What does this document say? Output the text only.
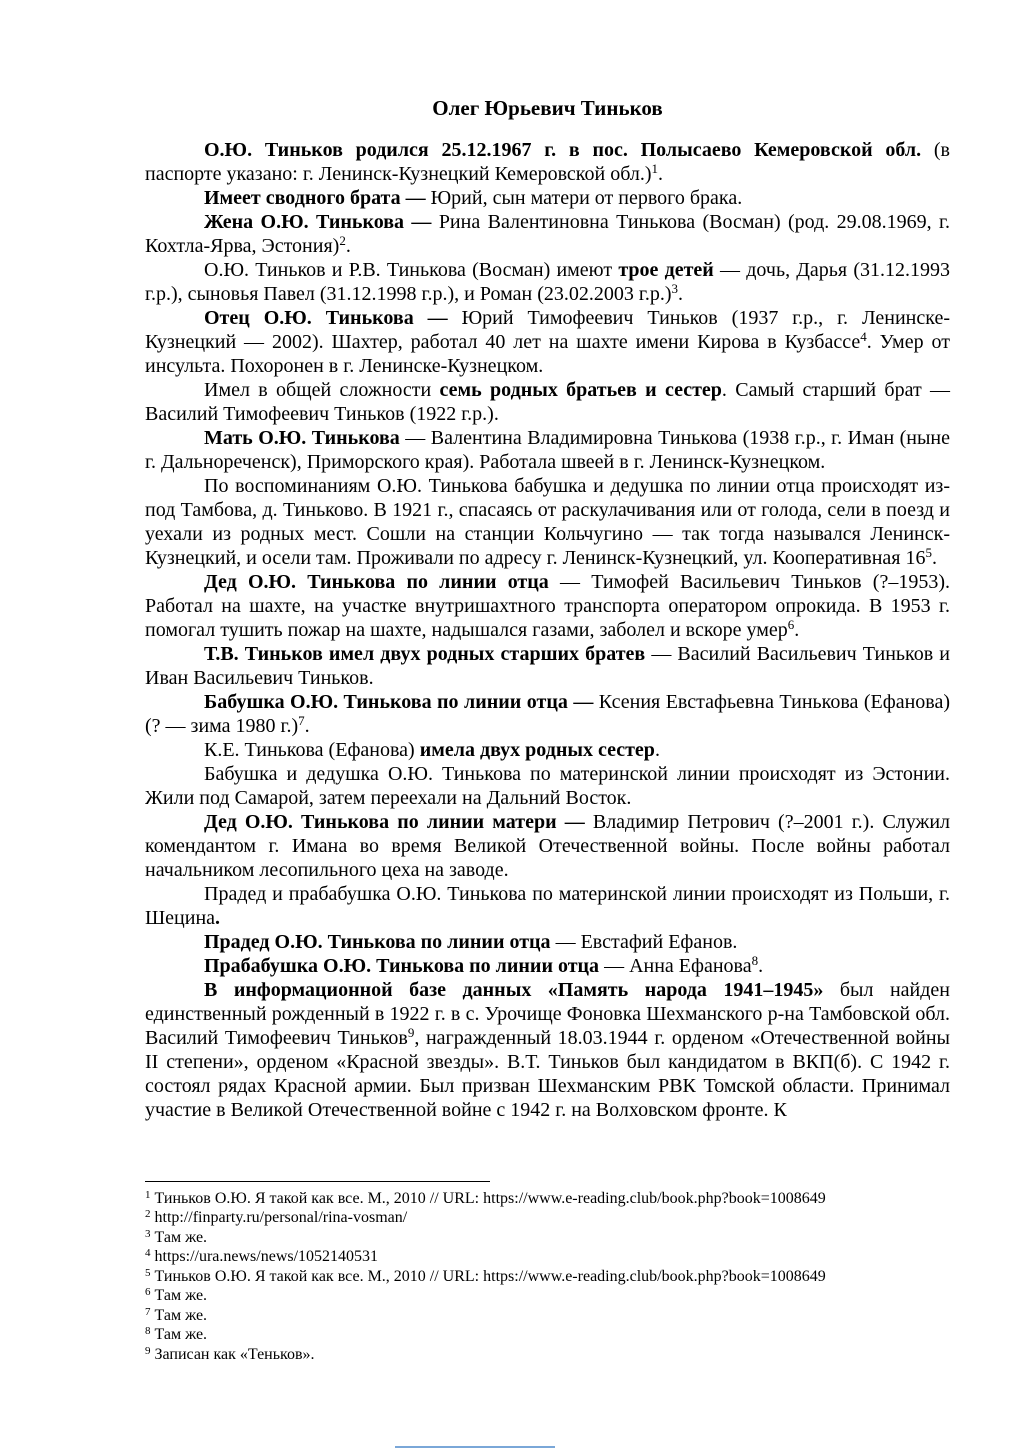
Олег Юрьевич Тиньков

О.Ю. Тиньков родился 25.12.1967 г. в пос. Полысаево Кемеровской обл. (в паспорте указано: г. Ленинск-Кузнецкий Кемеровской обл.)$^1$.

Имеет сводного брата — Юрий, сын матери от первого брака.

Жена О.Ю. Тинькова — Рина Валентиновна Тинькова (Восман) (род. 29.08.1969, г. Кохтла-Ярва, Эстония)$^2$.

О.Ю. Тиньков и Р.В. Тинькова (Восман) имеют трое детей — дочь, Дарья (31.12.1993 г.р.), сыновья Павел (31.12.1998 г.р.), и Роман (23.02.2003 г.р.)$^3$.

Отец О.Ю. Тинькова — Юрий Тимофеевич Тиньков (1937 г.р., г. Ленинске-Кузнецкий — 2002). Шахтер, работал 40 лет на шахте имени Кирова в Кузбассе$^4$. Умер от инсульта. Похоронен в г. Ленинске-Кузнецком.

Имел в общей сложности семь родных братьев и сестер. Самый старший брат — Василий Тимофеевич Тиньков (1922 г.р.).

Мать О.Ю. Тинькова — Валентина Владимировна Тинькова (1938 г.р., г. Иман (ныне г. Дальнореченск), Приморского края). Работала швеей в г. Ленинск-Кузнецком.

По воспоминаниям О.Ю. Тинькова бабушка и дедушка по линии отца происходят из-под Тамбова, д. Тиньково. В 1921 г., спасаясь от раскулачивания или от голода, сели в поезд и уехали из родных мест. Сошли на станции Кольчугино — так тогда назывался Ленинск-Кузнецкий, и осели там. Проживали по адресу г. Ленинск-Кузнецкий, ул. Кооперативная $16^5$.

Дед О.Ю. Тинькова по линии отца — Тимофей Васильевич Тиньков (?–1953). Работал на шахте, на участке внутришахтного транспорта оператором опрокида. В 1953 г. помогал тушить пожар на шахте, надышался газами, заболел и вскоре умер$^6$.

Т.В. Тиньков имел двух родных старших братев — Василий Васильевич Тиньков и Иван Васильевич Тиньков.

Бабушка О.Ю. Тинькова по линии отца — Ксения Евстафьевна Тинькова (Ефанова) (? — зима 1980 г.)$^7$.

К.Е. Тинькова (Ефанова) имела двух родных сестер.

Бабушка и дедушка О.Ю. Тинькова по материнской линии происходят из Эстонии. Жили под Самарой, затем переехали на Дальний Восток.

Дед О.Ю. Тинькова по линии матери — Владимир Петрович (?–2001 г.). Служил комендантом г. Имана во время Великой Отечественной войны. После войны работал начальником лесопильного цеха на заводе.

Прадед и прабабушка О.Ю. Тинькова по материнской линии происходят из Польши, г. Шецина.

Прадед О.Ю. Тинькова по линии отца — Евстафий Ефанов.

Прабабушка О.Ю. Тинькова по линии отца — Анна Ефанова$^8$.

В информационной базе данных «Память народа 1941–1945» был найден единственный рожденный в 1922 г. в с. Урочище Фоновка Шехманского р-на Тамбовской обл. Василий Тимофеевич Тиньков$^9$, награжденный 18.03.1944 г. орденом «Отечественной войны II степени», орденом «Красной звезды». В.Т. Тиньков был кандидатом в ВКП(б). С 1942 г. состоял рядах Красной армии. Был призван Шехманским РВК Томской области. Принимал участие в Великой Отечественной войне с 1942 г. на Волховском фронте. К

$^1$ Тиньков О.Ю. Я такой как все. М., 2010 // URL: https://www.e-reading.club/book.php?book=1008649
$^2$ http://finparty.ru/personal/rina-vosman/
$^3$ Там же.
$^4$ https://ura.news/news/1052140531
$^5$ Тиньков О.Ю. Я такой как все. М., 2010 // URL: https://www.e-reading.club/book.php?book=1008649
$^6$ Там же.
$^7$ Там же.
$^8$ Там же.
$^9$ Записан как «Теньков».
